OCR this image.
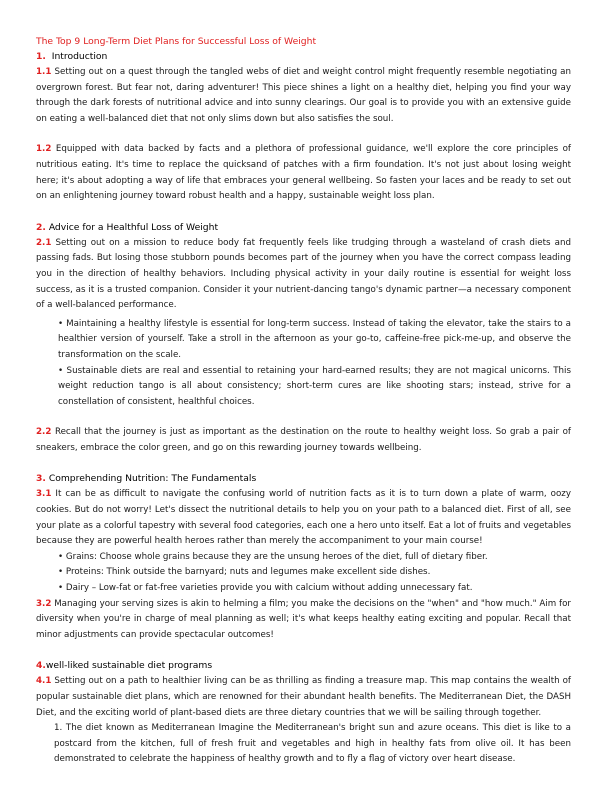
The Top 9 Long-Term Diet Plans for Successful Loss of Weight
1. Introduction

1.1 Setting out on a quest through the tangled webs of diet and weight control might frequently resemble negotiating an overgrown forest. But fear not, daring adventurer! This piece shines a light on a healthy diet, helping you find your way through the dark forests of nutritional advice and into sunny clearings. Our goal is to provide you with an extensive guide on eating a well-balanced diet that not only slims down but also satisfies the soul.

1.2 Equipped with data backed by facts and a plethora of professional guidance, we'll explore the core principles of nutritious eating. It's time to replace the quicksand of patches with a firm foundation. It's not just about losing weight here; it's about adopting a way of life that embraces your general wellbeing. So fasten your laces and be ready to set out on an enlightening journey toward robust health and a happy, sustainable weight loss plan.

2. Advice for a Healthful Loss of Weight

2.1 Setting out on a mission to reduce body fat frequently feels like trudging through a wasteland of crash diets and passing fads. But losing those stubborn pounds becomes part of the journey when you have the correct compass leading you in the direction of healthy behaviors. Including physical activity in your daily routine is essential for weight loss success, as it is a trusted companion. Consider it your nutrient-dancing tango's dynamic partner—a necessary component of a well-balanced performance.

• Maintaining a healthy lifestyle is essential for long-term success. Instead of taking the elevator, take the stairs to a healthier version of yourself. Take a stroll in the afternoon as your go-to, caffeine-free pick-me-up, and observe the transformation on the scale.
• Sustainable diets are real and essential to retaining your hard-earned results; they are not magical unicorns. This weight reduction tango is all about consistency; short-term cures are like shooting stars; instead, strive for a constellation of consistent, healthful choices.

2.2 Recall that the journey is just as important as the destination on the route to healthy weight loss. So grab a pair of sneakers, embrace the color green, and go on this rewarding journey towards wellbeing.

3. Comprehending Nutrition: The Fundamentals

3.1 It can be as difficult to navigate the confusing world of nutrition facts as it is to turn down a plate of warm, oozy cookies. But do not worry! Let's dissect the nutritional details to help you on your path to a balanced diet. First of all, see your plate as a colorful tapestry with several food categories, each one a hero unto itself. Eat a lot of fruits and vegetables because they are powerful health heroes rather than merely the accompaniment to your main course!

• Grains: Choose whole grains because they are the unsung heroes of the diet, full of dietary fiber.
• Proteins: Think outside the barnyard; nuts and legumes make excellent side dishes.
• Dairy – Low-fat or fat-free varieties provide you with calcium without adding unnecessary fat.

3.2 Managing your serving sizes is akin to helming a film; you make the decisions on the "when" and "how much." Aim for diversity when you're in charge of meal planning as well; it's what keeps healthy eating exciting and popular. Recall that minor adjustments can provide spectacular outcomes!

4.well-liked sustainable diet programs

4.1 Setting out on a path to healthier living can be as thrilling as finding a treasure map. This map contains the wealth of popular sustainable diet plans, which are renowned for their abundant health benefits. The Mediterranean Diet, the DASH Diet, and the exciting world of plant-based diets are three dietary countries that we will be sailing through together.

1. The diet known as Mediterranean Imagine the Mediterranean's bright sun and azure oceans. This diet is like to a postcard from the kitchen, full of fresh fruit and vegetables and high in healthy fats from olive oil. It has been demonstrated to celebrate the happiness of healthy growth and to fly a flag of victory over heart disease.
